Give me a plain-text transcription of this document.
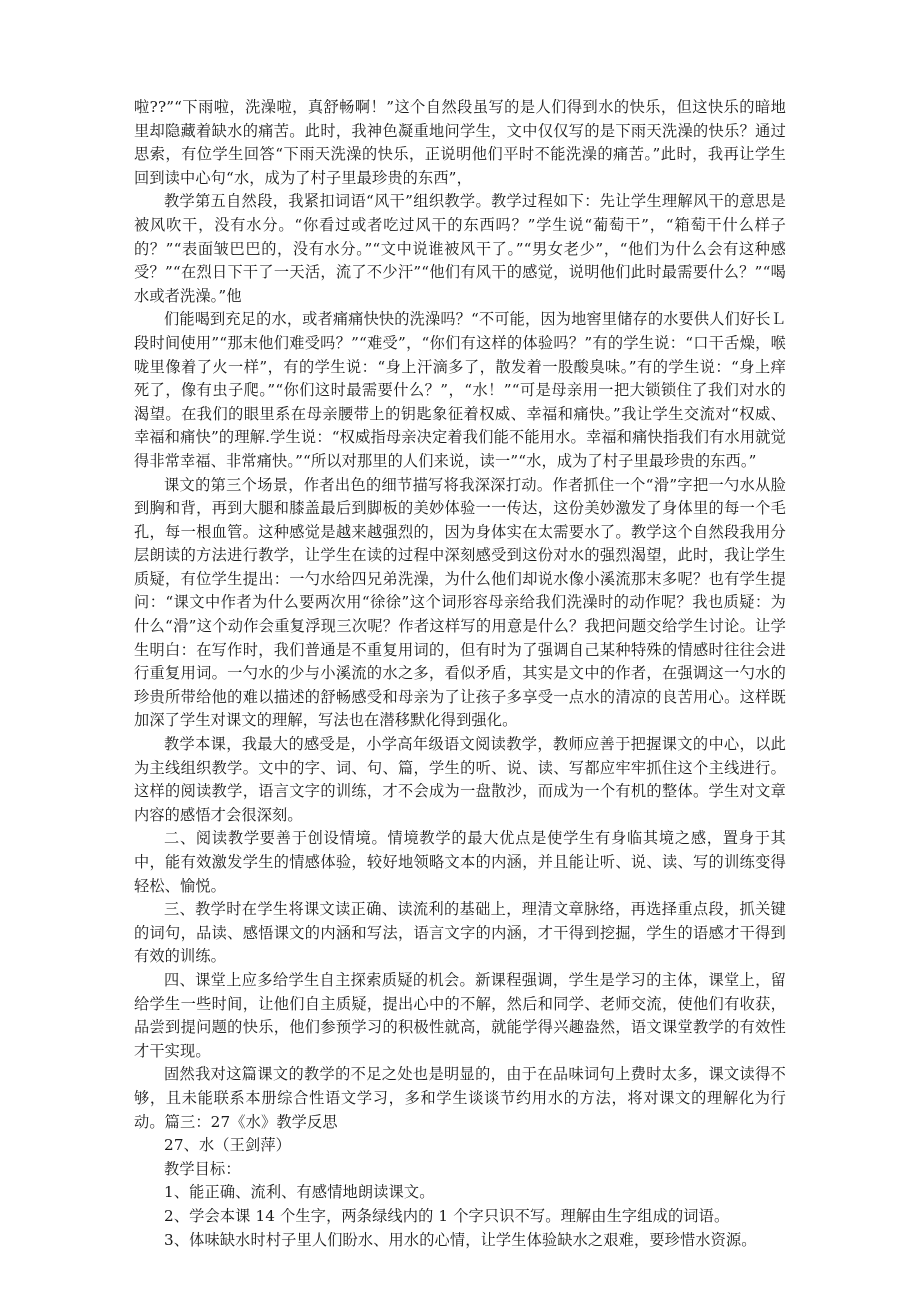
啦??”“下雨啦，洗澡啦，真舒畅啊！”这个自然段虽写的是人们得到水的快乐，但这快乐的暗地里却隐藏着缺水的痛苦。此时，我神色凝重地问学生，文中仅仅写的是下雨天洗澡的快乐？通过思索，有位学生回答“下雨天洗澡的快乐，正说明他们平时不能洗澡的痛苦。”此时，我再让学生回到读中心句“水，成为了村子里最珍贵的东西”，

教学第五自然段，我紧扣词语“风干”组织教学。教学过程如下：先让学生理解风干的意思是被风吹干，没有水分。“你看过或者吃过风干的东西吗？”学生说“葡萄干”，“箱萄干什么样子的？”“表面皱巴巴的，没有水分。”“文中说谁被风干了。”“男女老少”，“他们为什么会有这种感受？”“在烈日下干了一天活，流了不少汗”“他们有风干的感觉，说明他们此时最需要什么？”“喝水或者洗澡。”他

们能喝到充足的水，或者痛痛快快的洗澡吗？“不可能，因为地窖里储存的水要供人们好长Ｌ段时间使用”“那末他们难受吗？”“难受”，“你们有这样的体验吗？”有的学生说：“口干舌燥，喉咙里像着了火一样”，有的学生说：“身上汗滴多了，散发着一股酸臭味。”有的学生说：“身上痒死了，像有虫子爬。”“你们这时最需要什么？”，“水！”“可是母亲用一把大锁锁住了我们对水的渴望。在我们的眼里系在母亲腰带上的钥匙象征着权威、幸福和痛快。”我让学生交流对“权威、幸福和痛快”的理解.学生说：“权威指母亲决定着我们能不能用水。幸福和痛快指我们有水用就觉得非常幸福、非常痛快。”“所以对那里的人们来说，读一”“水，成为了村子里最珍贵的东西。”

课文的第三个场景，作者出色的细节描写将我深深打动。作者抓住一个“滑”字把一勺水从脸到胸和背，再到大腿和膝盖最后到脚板的美妙体验一一传达，这份美妙激发了身体里的每一个毛孔，每一根血管。这种感觉是越来越强烈的，因为身体实在太需要水了。教学这个自然段我用分层朗读的方法进行教学，让学生在读的过程中深刻感受到这份对水的强烈渴望，此时，我让学生质疑，有位学生提出：一勺水给四兄弟洗澡，为什么他们却说水像小溪流那末多呢？也有学生提问：“课文中作者为什么要两次用“徐徐”这个词形容母亲给我们洗澡时的动作呢？我也质疑：为什么“滑”这个动作会重复浮现三次呢？作者这样写的用意是什么？我把问题交给学生讨论。让学生明白：在写作时，我们普通是不重复用词的，但有时为了强调自己某种特殊的情感时往往会进行重复用词。一勺水的少与小溪流的水之多，看似矛盾，其实是文中的作者，在强调这一勺水的珍贵所带给他的难以描述的舒畅感受和母亲为了让孩子多享受一点水的清凉的良苦用心。这样既加深了学生对课文的理解，写法也在潜移默化得到强化。

教学本课，我最大的感受是，小学高年级语文阅读教学，教师应善于把握课文的中心，以此为主线组织教学。文中的字、词、句、篇，学生的听、说、读、写都应牢牢抓住这个主线进行。这样的阅读教学，语言文字的训练，才不会成为一盘散沙，而成为一个有机的整体。学生对文章内容的感悟才会很深刻。

二、阅读教学要善于创设情境。情境教学的最大优点是使学生有身临其境之感，置身于其中，能有效激发学生的情感体验，较好地领略文本的内涵，并且能让听、说、读、写的训练变得轻松、愉悦。

三、教学时在学生将课文读正确、读流利的基础上，理清文章脉络，再选择重点段，抓关键的词句，品读、感悟课文的内涵和写法，语言文字的内涵，才干得到挖掘，学生的语感才干得到有效的训练。

四、课堂上应多给学生自主探索质疑的机会。新课程强调，学生是学习的主体，课堂上，留给学生一些时间，让他们自主质疑，提出心中的不解，然后和同学、老师交流，使他们有收获，品尝到提问题的快乐，他们参预学习的积极性就高，就能学得兴趣盎然，语文课堂教学的有效性才干实现。

固然我对这篇课文的教学的不足之处也是明显的，由于在品味词句上费时太多，课文读得不够，且未能联系本册综合性语文学习，多和学生谈谈节约用水的方法，将对课文的理解化为行动。篇三：27《水》教学反思

27、水（王剑萍）

教学目标：

1、能正确、流利、有感情地朗读课文。

2、学会本课 14 个生字，两条绿线内的 1 个字只识不写。理解由生字组成的词语。

3、体味缺水时村子里人们盼水、用水的心情，让学生体验缺水之艰难，要珍惜水资源。
